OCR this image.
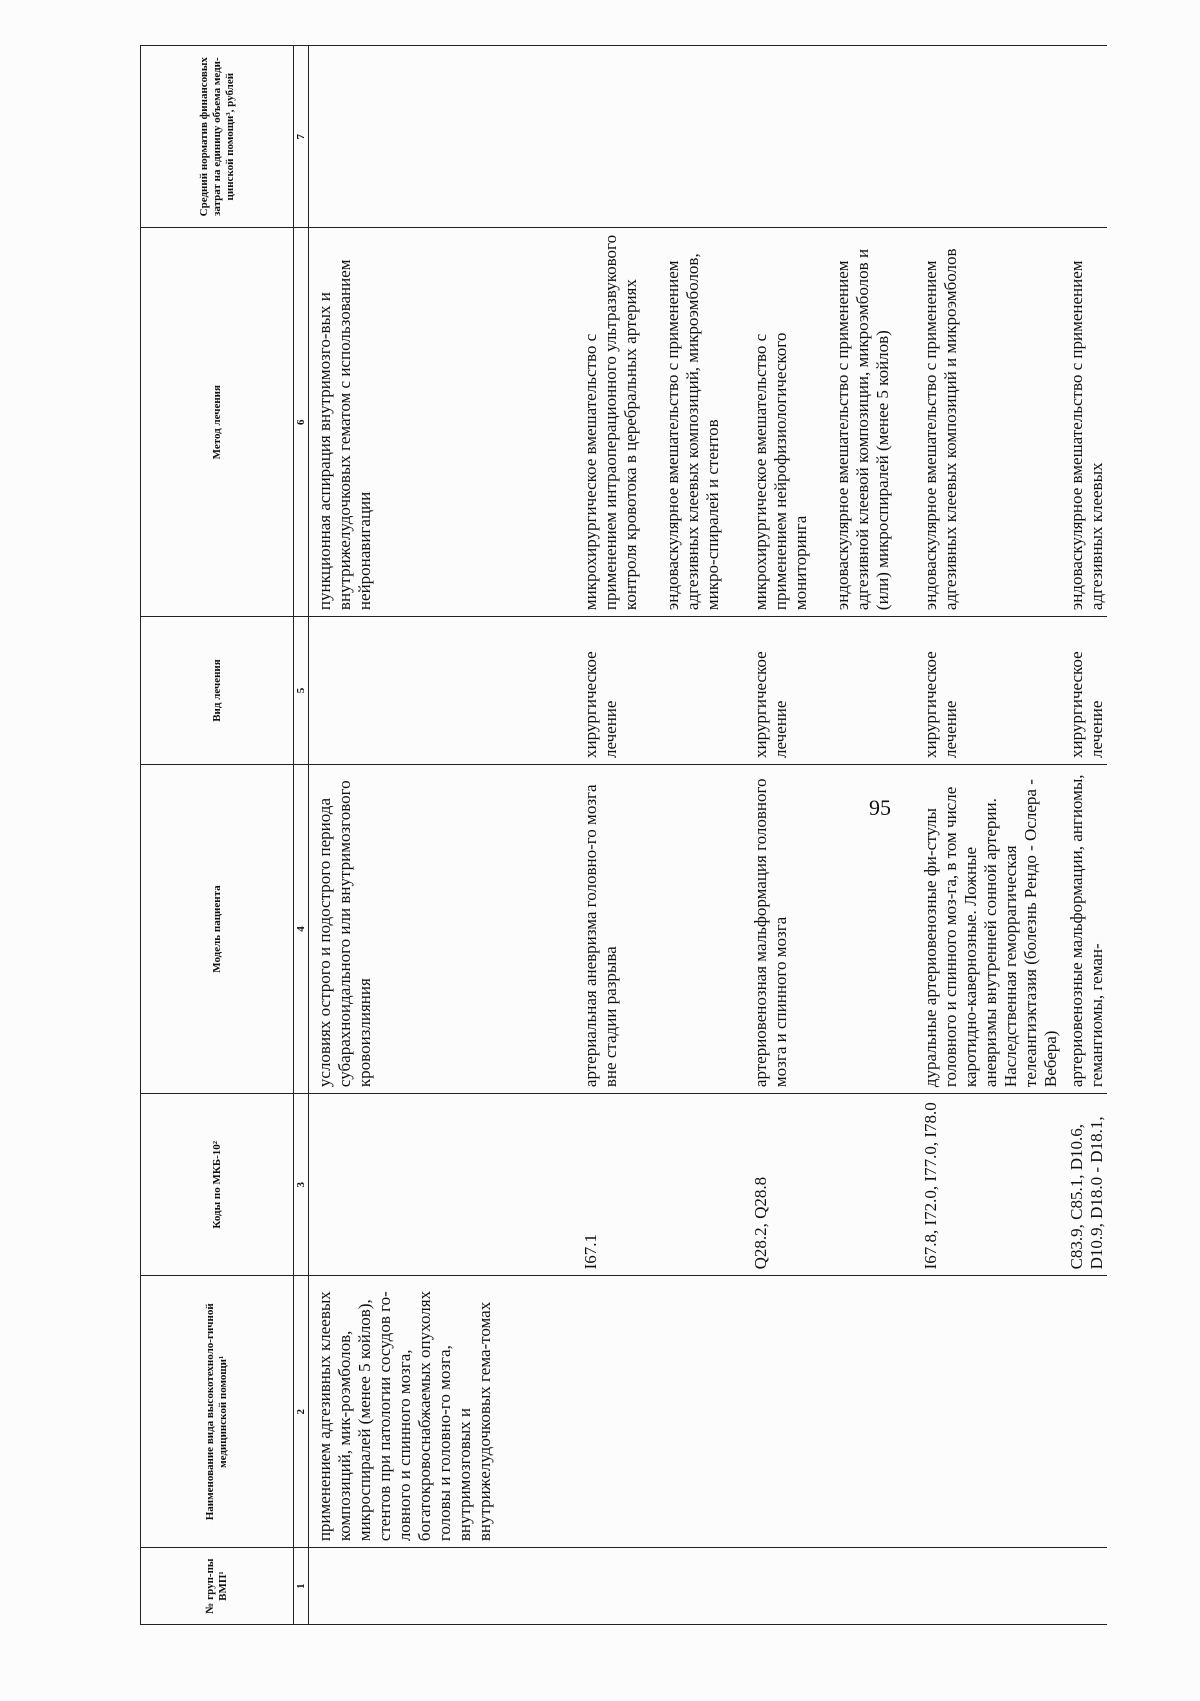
95
№ груп-пы ВМП¹	Наименование вида высокотехноло-гичной медицинской помощи¹	Коды по МКБ-10²	Модель пациента	Вид лечения	Метод лечения	Средний норматив финансовых затрат на единицу объема меди-цинской помощи³, рублей
1	2	3	4	5	6	7
	применением адгезивных клеевых композиций, мик-роэмболов, микроспиралей (менее 5 койлов), стентов при патологии сосудов го-ловного и спинного мозга, богатокровоснабжаемых опухолях головы и головно-го мозга, внутримозговых и внутрижелудочковых гема-томах		условиях острого и подострого периода субарахноидального или внутримозгового кровоизлияния		пункционная аспирация внутримозго-вых и внутрижелудочковых гематом с использованием нейронавигации	
		I67.1	артериальная аневризма головно-го мозга вне стадии разрыва	хирургическое лечение	микрохирургическое вмешательство с применением интраоперационного ультразвукового контроля кровотока в церебральных артериях эндоваскулярное вмешательство с применением адгезивных клеевых композиций, микроэмболов, микро-спиралей и стентов	

		Q28.2, Q28.8	артериовенозная мальформация головного мозга и спинного мозга	хирургическое лечение	микрохирургическое вмешательство с применением нейрофизиологического мониторинга эндоваскулярное вмешательство с применением адгезивной клеевой композиции, микроэмболов и (или) микроспиралей (менее 5 койлов)	

		I67.8, I72.0, I77.0, I78.0	дуральные артериовенозные фи-стулы головного и спинного моз-га, в том числе каротидно-кавернозные. Ложные аневризмы внутренней сонной артерии. Наследственная геморрагическая телеангиэктазия (болезнь Рендо - Ослера - Вебера)	хирургическое лечение	эндоваскулярное вмешательство с применением адгезивных клеевых композиций и микроэмболов	
		C83.9, C85.1, D10.6, D10.9, D18.0 - D18.1,	артериовенозные мальформации, ангиомы, гемангиомы, геман-	хирургическое лечение	эндоваскулярное вмешательство с применением адгезивных клеевых	
